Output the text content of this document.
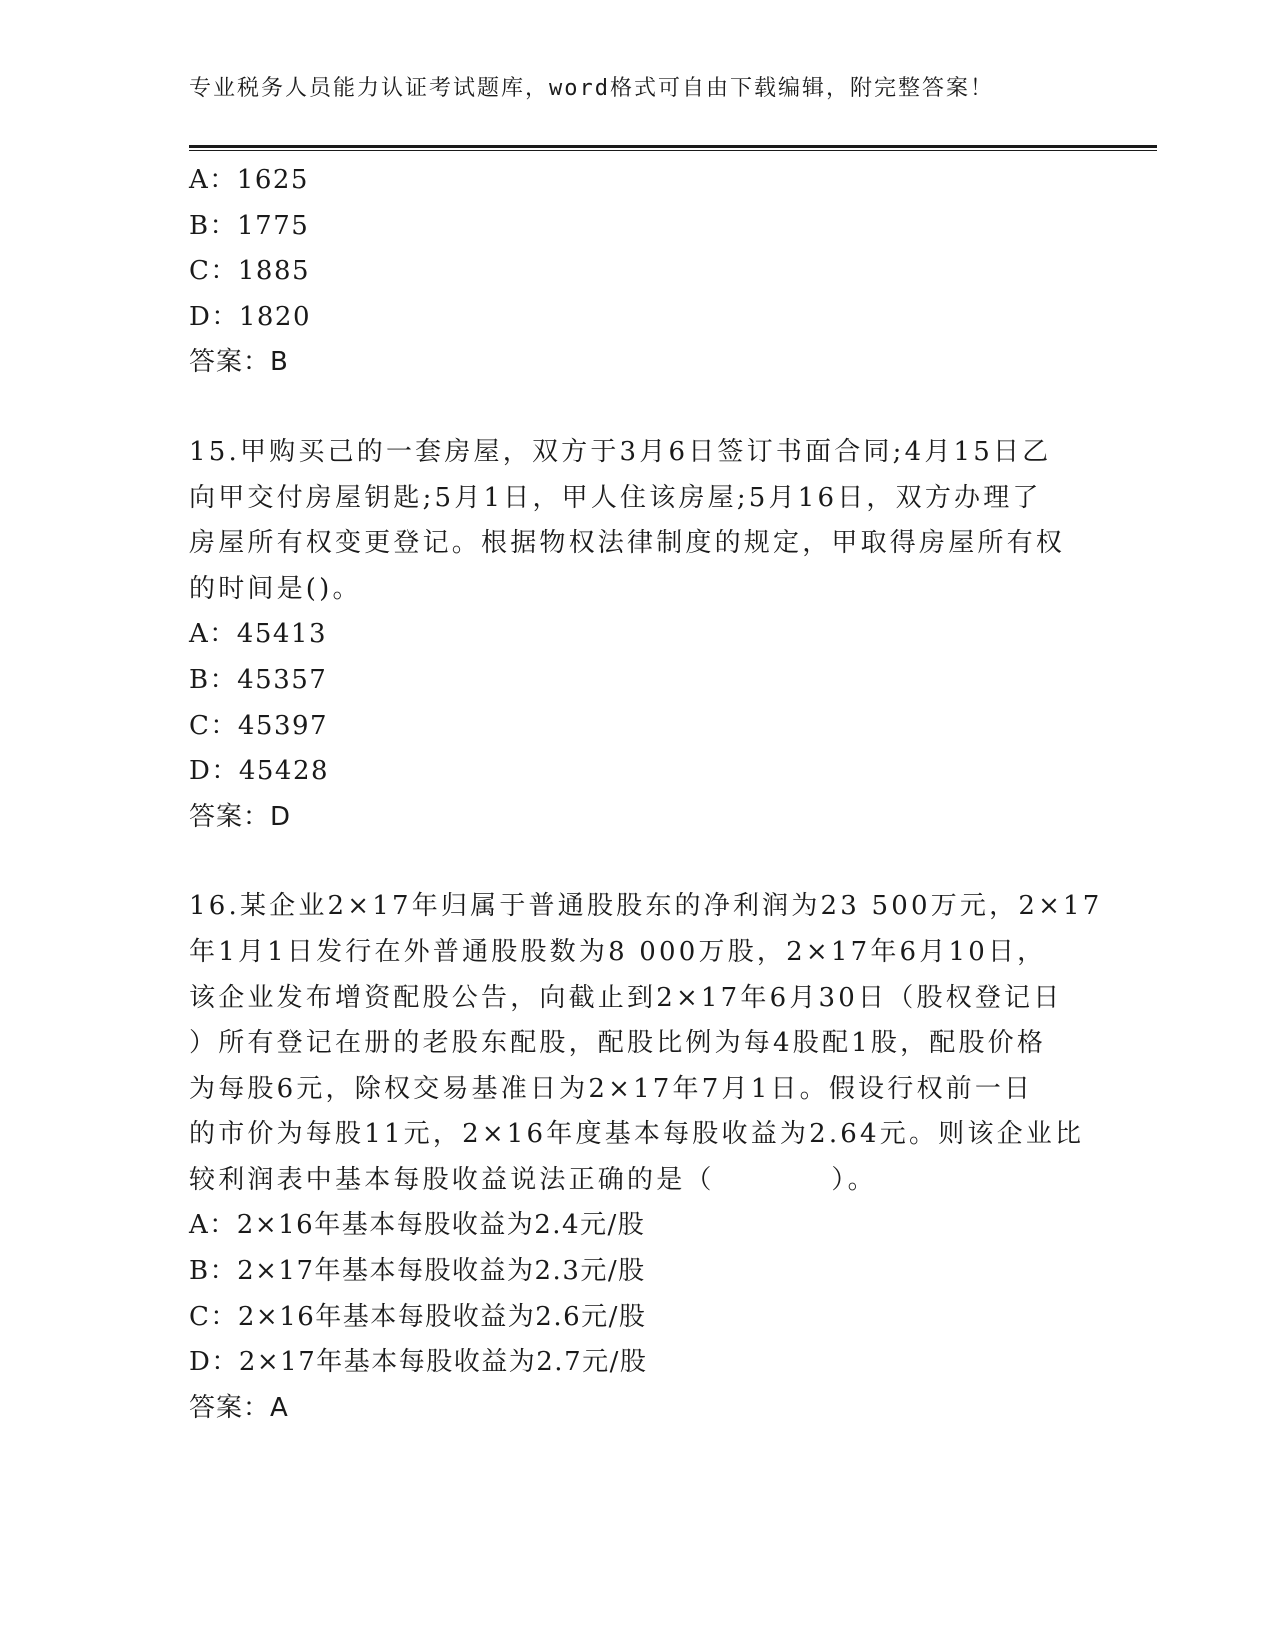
专业税务人员能力认证考试题库，word格式可自由下载编辑，附完整答案！
A：1625
B：1775
C：1885
D：1820
答案：B
15.甲购买己的一套房屋，双方于3月6日签订书面合同;4月15日乙
向甲交付房屋钥匙;5月1日，甲人住该房屋;5月16日，双方办理了
房屋所有权变更登记。根据物权法律制度的规定，甲取得房屋所有权
的时间是()。
A：45413
B：45357
C：45397
D：45428
答案：D
16.某企业2×17年归属于普通股股东的净利润为23 500万元，2×17
年1月1日发行在外普通股股数为8 000万股，2×17年6月10日，
该企业发布增资配股公告，向截止到2×17年6月30日（股权登记日
）所有登记在册的老股东配股，配股比例为每4股配1股，配股价格
为每股6元，除权交易基准日为2×17年7月1日。假设行权前一日
的市价为每股11元，2×16年度基本每股收益为2.64元。则该企业比
较利润表中基本每股收益说法正确的是（　　　　）。
A：2×16年基本每股收益为2.4元/股
B：2×17年基本每股收益为2.3元/股
C：2×16年基本每股收益为2.6元/股
D：2×17年基本每股收益为2.7元/股
答案：A
